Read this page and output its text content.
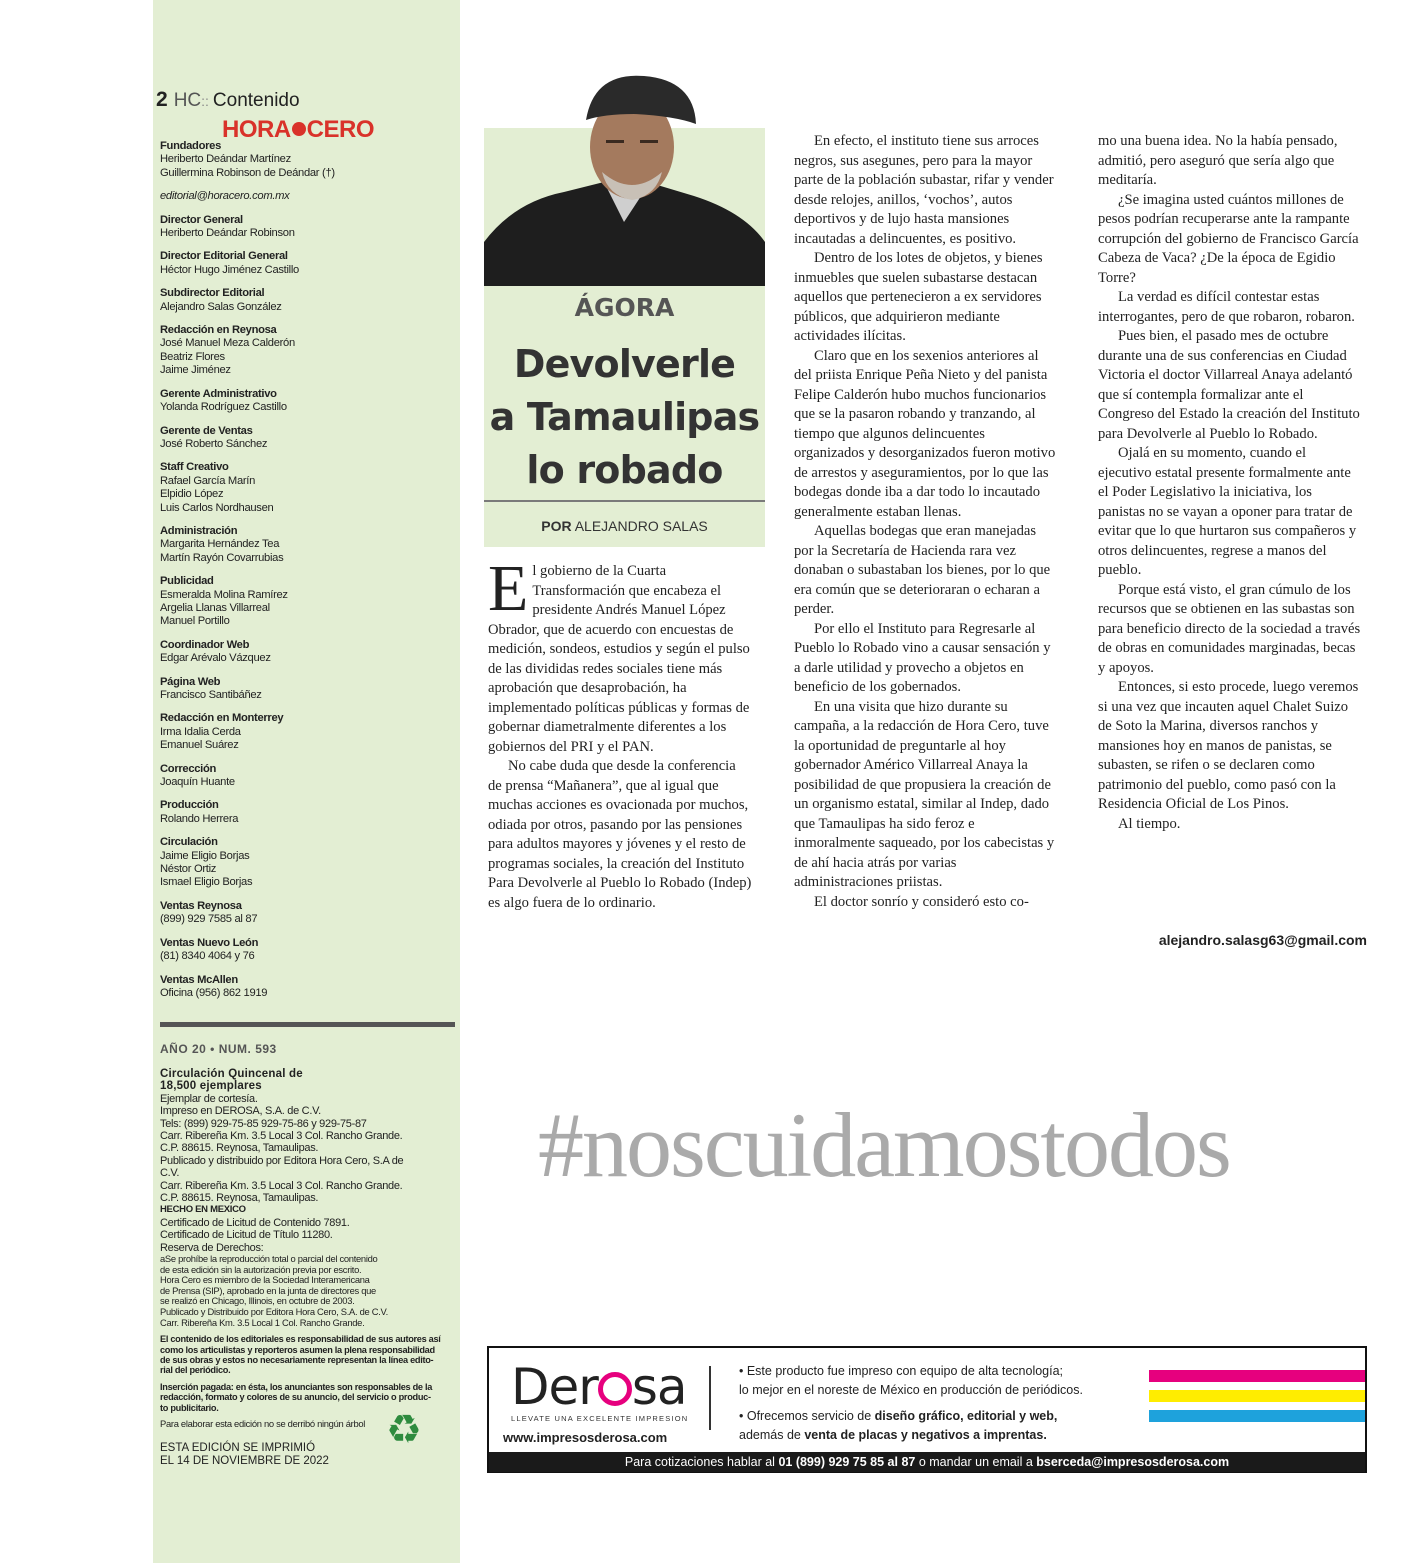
2 HC:: Contenido
HORA CERO
Fundadores
Heriberto Deándar Martínez
Guillermina Robinson de Deándar (†)
editorial@horacero.com.mx
Director General
Heriberto Deándar Robinson
Director Editorial General
Héctor Hugo Jiménez Castillo
Subdirector Editorial
Alejandro Salas González
Redacción en Reynosa
José Manuel Meza Calderón
Beatriz Flores
Jaime Jiménez
Gerente Administrativo
Yolanda Rodríguez Castillo
Gerente de Ventas
José Roberto Sánchez
Staff Creativo
Rafael García Marín
Elpidio López
Luis Carlos Nordhausen
Administración
Margarita Hernández Tea
Martín Rayón Covarrubias
Publicidad
Esmeralda Molina Ramírez
Argelia Llanas Villarreal
Manuel Portillo
Coordinador Web
Edgar Arévalo Vázquez
Página Web
Francisco Santibáñez
Redacción en Monterrey
Irma Idalia Cerda
Emanuel Suárez
Corrección
Joaquín Huante
Producción
Rolando Herrera
Circulación
Jaime Eligio Borjas
Néstor Ortiz
Ismael Eligio Borjas
Ventas Reynosa
(899) 929 7585 al 87
Ventas Nuevo León
(81) 8340 4064 y 76
Ventas McAllen
Oficina (956) 862 1919
AÑO 20 • NUM. 593
Circulación Quincenal de
18,500 ejemplares
Ejemplar de cortesía.
Impreso en DEROSA, S.A. de C.V.
Tels: (899) 929-75-85 929-75-86 y 929-75-87
Carr. Ribereña Km. 3.5 Local 3 Col. Rancho Grande.
C.P. 88615. Reynosa, Tamaulipas.
Publicado y distribuido por Editora Hora Cero, S.A de
C.V.
Carr. Ribereña Km. 3.5 Local 3 Col. Rancho Grande.
C.P. 88615. Reynosa, Tamaulipas.
HECHO EN MEXICO
Certificado de Licitud de Contenido 7891.
Certificado de Licitud de Título 11280.
Reserva de Derechos:
aSe prohíbe la reproducción total o parcial del contenido
de esta edición sin la autorización previa por escrito.
Hora Cero es miembro de la Sociedad Interamericana
de Prensa (SIP), aprobado en la junta de directores que
se realizó en Chicago, Illinois, en octubre de 2003.
Publicado y Distribuido por Editora Hora Cero, S.A. de C.V.
Carr. Ribereña Km. 3.5 Local 1 Col. Rancho Grande.
El contenido de los editoriales es responsabilidad de sus autores así
como los articulistas y reporteros asumen la plena responsabilidad
de sus obras y estos no necesariamente representan la línea edito-
rial del periódico.
Inserción pagada: en ésta, los anunciantes son responsables de la
redacción, formato y colores de su anuncio, del servicio o produc-
to publicitario.
Para elaborar esta edición no se derribó ningún árbol ♻
ESTA EDICIÓN SE IMPRIMIÓ
EL 14 DE NOVIEMBRE DE 2022
ÁGORA
Devolverle
a Tamaulipas
lo robado
POR ALEJANDRO SALAS

El gobierno de la Cuarta Transformación que encabeza el presidente Andrés Manuel López Obrador, que de acuerdo con encuestas de medición, sondeos, estudios y según el pulso de las divididas redes sociales tiene más aprobación que desaprobación, ha implementado políticas públicas y formas de gobernar diametralmente diferentes a los gobiernos del PRI y el PAN.

No cabe duda que desde la conferencia de prensa “Mañanera”, que al igual que muchas acciones es ovacionada por muchos, odiada por otros, pasando por las pensiones para adultos mayores y jóvenes y el resto de programas sociales, la creación del Instituto Para Devolverle al Pueblo lo Robado (Indep) es algo fuera de lo ordinario.

En efecto, el instituto tiene sus arroces negros, sus asegunes, pero para la mayor parte de la población subastar, rifar y vender desde relojes, anillos, ‘vochos’, autos deportivos y de lujo hasta mansiones incautadas a delincuentes, es positivo.

Dentro de los lotes de objetos, y bienes inmuebles que suelen subastarse destacan aquellos que pertenecieron a ex servidores públicos, que adquirieron mediante actividades ilícitas.

Claro que en los sexenios anteriores al del priista Enrique Peña Nieto y del panista Felipe Calderón hubo muchos funcionarios que se la pasaron robando y tranzando, al tiempo que algunos delincuentes organizados y desorganizados fueron motivo de arrestos y aseguramientos, por lo que las bodegas donde iba a dar todo lo incautado generalmente estaban llenas.

Aquellas bodegas que eran manejadas por la Secretaría de Hacienda rara vez donaban o subastaban los bienes, por lo que era común que se deterioraran o echaran a perder.

Por ello el Instituto para Regresarle al Pueblo lo Robado vino a causar sensación y a darle utilidad y provecho a objetos en beneficio de los gobernados.

En una visita que hizo durante su campaña, a la redacción de Hora Cero, tuve la oportunidad de preguntarle al hoy gobernador Américo Villarreal Anaya la posibilidad de que propusiera la creación de un organismo estatal, similar al Indep, dado que Tamaulipas ha sido feroz e inmoralmente saqueado, por los cabecistas y de ahí hacia atrás por varias administraciones priistas.

El doctor sonrío y consideró esto co-

mo una buena idea. No la había pensado, admitió, pero aseguró que sería algo que meditaría.

¿Se imagina usted cuántos millones de pesos podrían recuperarse ante la rampante corrupción del gobierno de Francisco García Cabeza de Vaca? ¿De la época de Egidio Torre?

La verdad es difícil contestar estas interrogantes, pero de que robaron, robaron.

Pues bien, el pasado mes de octubre durante una de sus conferencias en Ciudad Victoria el doctor Villarreal Anaya adelantó que sí contempla formalizar ante el Congreso del Estado la creación del Instituto para Devolverle al Pueblo lo Robado.

Ojalá en su momento, cuando el ejecutivo estatal presente formalmente ante el Poder Legislativo la iniciativa, los panistas no se vayan a oponer para tratar de evitar que lo que hurtaron sus compañeros y otros delincuentes, regrese a manos del pueblo.

Porque está visto, el gran cúmulo de los recursos que se obtienen en las subastas son para beneficio directo de la sociedad a través de obras en comunidades marginadas, becas y apoyos.

Entonces, si esto procede, luego veremos si una vez que incauten aquel Chalet Suizo de Soto la Marina, diversos ranchos y mansiones hoy en manos de panistas, se subasten, se rifen o se declaren como patrimonio del pueblo, como pasó con la Residencia Oficial de Los Pinos.

Al tiempo.

alejandro.salasg63@gmail.com
#noscuidamostodos
Der sa
LLEVATE UNA EXCELENTE IMPRESION
www.impresosderosa.com

• Este producto fue impreso con equipo de alta tecnología;
lo mejor en el noreste de México en producción de periódicos.

• Ofrecemos servicio de diseño gráfico, editorial y web,
además de venta de placas y negativos a imprentas.

Para cotizaciones hablar al 01 (899) 929 75 85 al 87 o mandar un email a bserceda@impresosderosa.com
